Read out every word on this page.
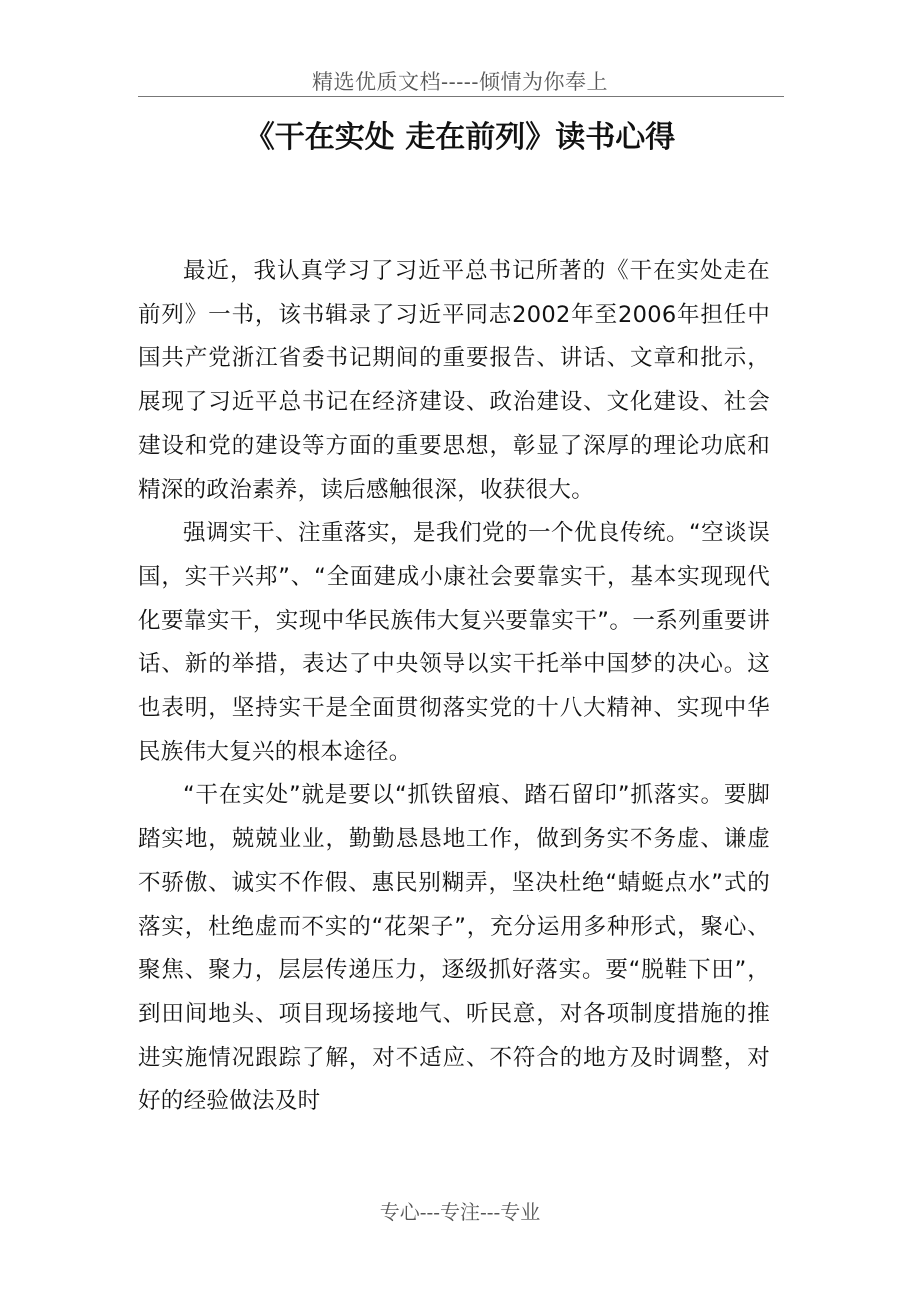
精选优质文档-----倾情为你奉上
《干在实处 走在前列》读书心得

最近，我认真学习了习近平总书记所著的《干在实处走在前列》一书，该书辑录了习近平同志2002年至2006年担任中国共产党浙江省委书记期间的重要报告、讲话、文章和批示，展现了习近平总书记在经济建设、政治建设、文化建设、社会建设和党的建设等方面的重要思想，彰显了深厚的理论功底和精深的政治素养，读后感触很深，收获很大。

强调实干、注重落实，是我们党的一个优良传统。“空谈误国，实干兴邦”、“全面建成小康社会要靠实干，基本实现现代化要靠实干，实现中华民族伟大复兴要靠实干”。一系列重要讲话、新的举措，表达了中央领导以实干托举中国梦的决心。这也表明，坚持实干是全面贯彻落实党的十八大精神、实现中华民族伟大复兴的根本途径。

“干在实处”就是要以“抓铁留痕、踏石留印”抓落实。要脚踏实地，兢兢业业，勤勤恳恳地工作，做到务实不务虚、谦虚不骄傲、诚实不作假、惠民别糊弄，坚决杜绝“蜻蜓点水”式的落实，杜绝虚而不实的“花架子”，充分运用多种形式，聚心、聚焦、聚力，层层传递压力，逐级抓好落实。要“脱鞋下田”，到田间地头、项目现场接地气、听民意，对各项制度措施的推进实施情况跟踪了解，对不适应、不符合的地方及时调整，对好的经验做法及时

专心---专注---专业
